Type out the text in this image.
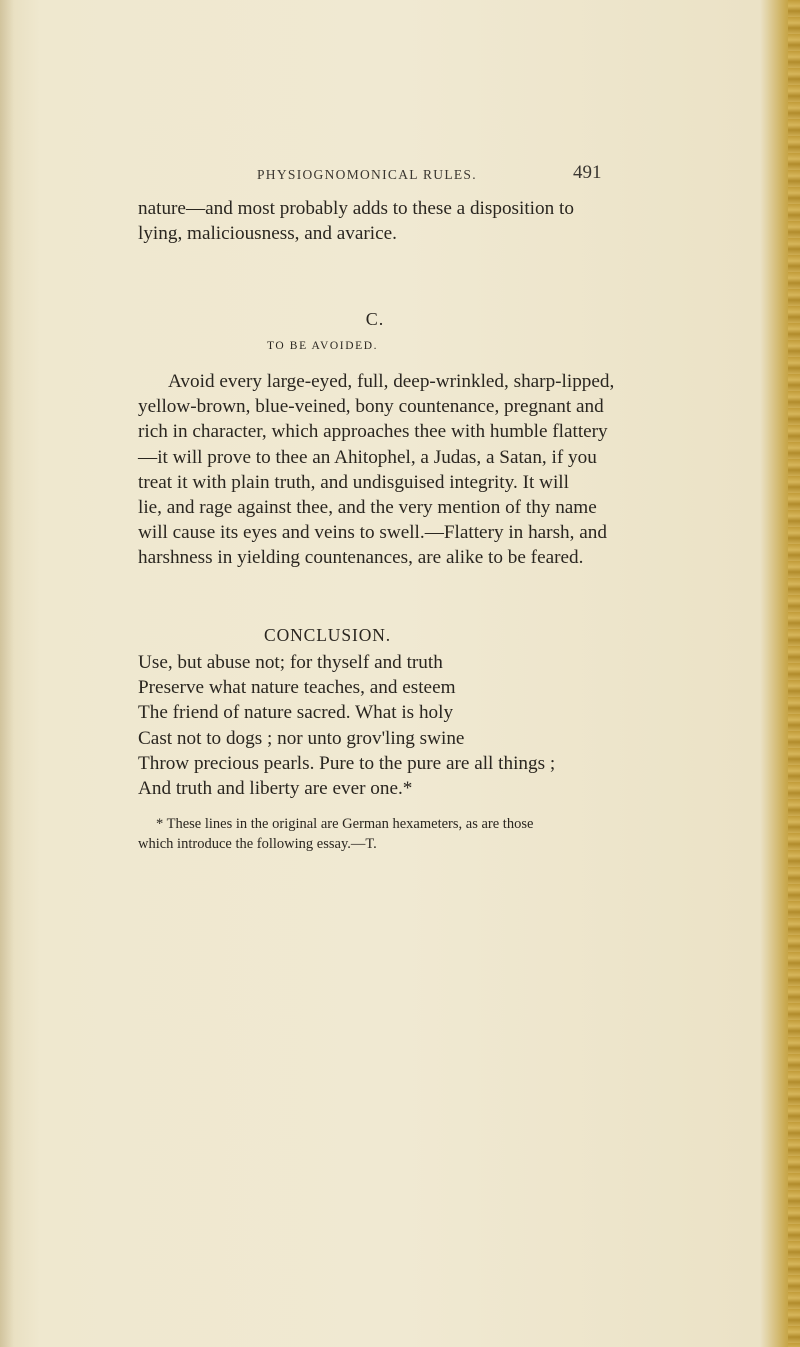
PHYSIOGNOMONICAL RULES.	491
nature—and most probably adds to these a disposition to
lying, maliciousness, and avarice.
C.
TO BE AVOIDED.
Avoid every large-eyed, full, deep-wrinkled, sharp-lipped,
yellow-brown, blue-veined, bony countenance, pregnant and
rich in character, which approaches thee with humble flattery
—it will prove to thee an Ahitophel, a Judas, a Satan, if you
treat it with plain truth, and undisguised integrity. It will
lie, and rage against thee, and the very mention of thy name
will cause its eyes and veins to swell.—Flattery in harsh, and
harshness in yielding countenances, are alike to be feared.
CONCLUSION.
Use, but abuse not; for thyself and truth
Preserve what nature teaches, and esteem
The friend of nature sacred. What is holy
Cast not to dogs ; nor unto grov'ling swine
Throw precious pearls. Pure to the pure are all things ;
And truth and liberty are ever one.*
* These lines in the original are German hexameters, as are those
which introduce the following essay.—T.
